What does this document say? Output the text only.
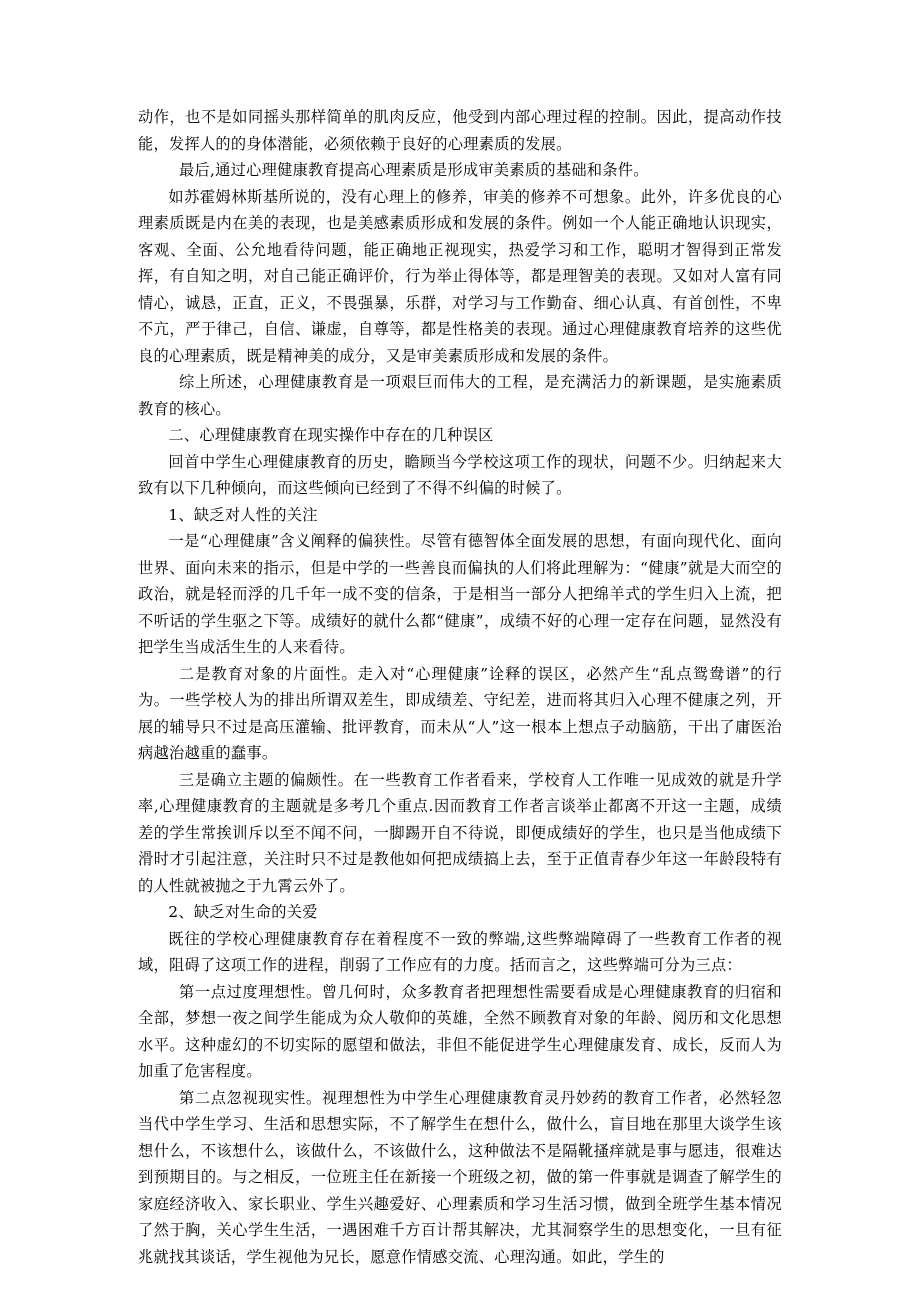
动作，也不是如同摇头那样简单的肌肉反应，他受到内部心理过程的控制。因此，提高动作技能，发挥人的的身体潜能，必须依赖于良好的心理素质的发展。

最后,通过心理健康教育提高心理素质是形成审美素质的基础和条件。

如苏霍姆林斯基所说的，没有心理上的修养，审美的修养不可想象。此外，许多优良的心理素质既是内在美的表现，也是美感素质形成和发展的条件。例如一个人能正确地认识现实，客观、全面、公允地看待问题，能正确地正视现实，热爱学习和工作，聪明才智得到正常发挥，有自知之明，对自己能正确评价，行为举止得体等，都是理智美的表现。又如对人富有同情心，诚恳，正直，正义，不畏强暴，乐群，对学习与工作勤奋、细心认真、有首创性，不卑不亢，严于律己，自信、谦虚，自尊等，都是性格美的表现。通过心理健康教育培养的这些优良的心理素质，既是精神美的成分，又是审美素质形成和发展的条件。

综上所述，心理健康教育是一项艰巨而伟大的工程，是充满活力的新课题，是实施素质教育的核心。

二、心理健康教育在现实操作中存在的几种误区

回首中学生心理健康教育的历史，瞻顾当今学校这项工作的现状，问题不少。归纳起来大致有以下几种倾向，而这些倾向已经到了不得不纠偏的时候了。

1、缺乏对人性的关注

一是“心理健康”含义阐释的偏狭性。尽管有德智体全面发展的思想，有面向现代化、面向世界、面向未来的指示，但是中学的一些善良而偏执的人们将此理解为：“健康”就是大而空的政治，就是轻而浮的几千年一成不变的信条，于是相当一部分人把绵羊式的学生归入上流，把不听话的学生驱之下等。成绩好的就什么都“健康”，成绩不好的心理一定存在问题，显然没有把学生当成活生生的人来看待。

二是教育对象的片面性。走入对“心理健康”诠释的误区，必然产生“乱点鸳鸯谱”的行为。一些学校人为的排出所谓双差生，即成绩差、守纪差，进而将其归入心理不健康之列，开展的辅导只不过是高压灌输、批评教育，而未从“人”这一根本上想点子动脑筋，干出了庸医治病越治越重的蠢事。

三是确立主题的偏颇性。在一些教育工作者看来，学校育人工作唯一见成效的就是升学率,心理健康教育的主题就是多考几个重点.因而教育工作者言谈举止都离不开这一主题，成绩差的学生常挨训斥以至不闻不问，一脚踢开自不待说，即便成绩好的学生，也只是当他成绩下滑时才引起注意，关注时只不过是教他如何把成绩搞上去，至于正值青春少年这一年龄段特有的人性就被抛之于九霄云外了。

2、缺乏对生命的关爱

既往的学校心理健康教育存在着程度不一致的弊端,这些弊端障碍了一些教育工作者的视域，阻碍了这项工作的进程，削弱了工作应有的力度。括而言之，这些弊端可分为三点：

第一点过度理想性。曾几何时，众多教育者把理想性需要看成是心理健康教育的归宿和全部，梦想一夜之间学生能成为众人敬仰的英雄，全然不顾教育对象的年龄、阅历和文化思想水平。这种虚幻的不切实际的愿望和做法，非但不能促进学生心理健康发育、成长，反而人为加重了危害程度。

第二点忽视现实性。视理想性为中学生心理健康教育灵丹妙药的教育工作者，必然轻忽当代中学生学习、生活和思想实际，不了解学生在想什么，做什么，盲目地在那里大谈学生该想什么，不该想什么，该做什么，不该做什么，这种做法不是隔靴搔痒就是事与愿违，很难达到预期目的。与之相反，一位班主任在新接一个班级之初，做的第一件事就是调查了解学生的家庭经济收入、家长职业、学生兴趣爱好、心理素质和学习生活习惯，做到全班学生基本情况了然于胸，关心学生生活，一遇困难千方百计帮其解决，尤其洞察学生的思想变化，一旦有征兆就找其谈话，学生视他为兄长，愿意作情感交流、心理沟通。如此，学生的
